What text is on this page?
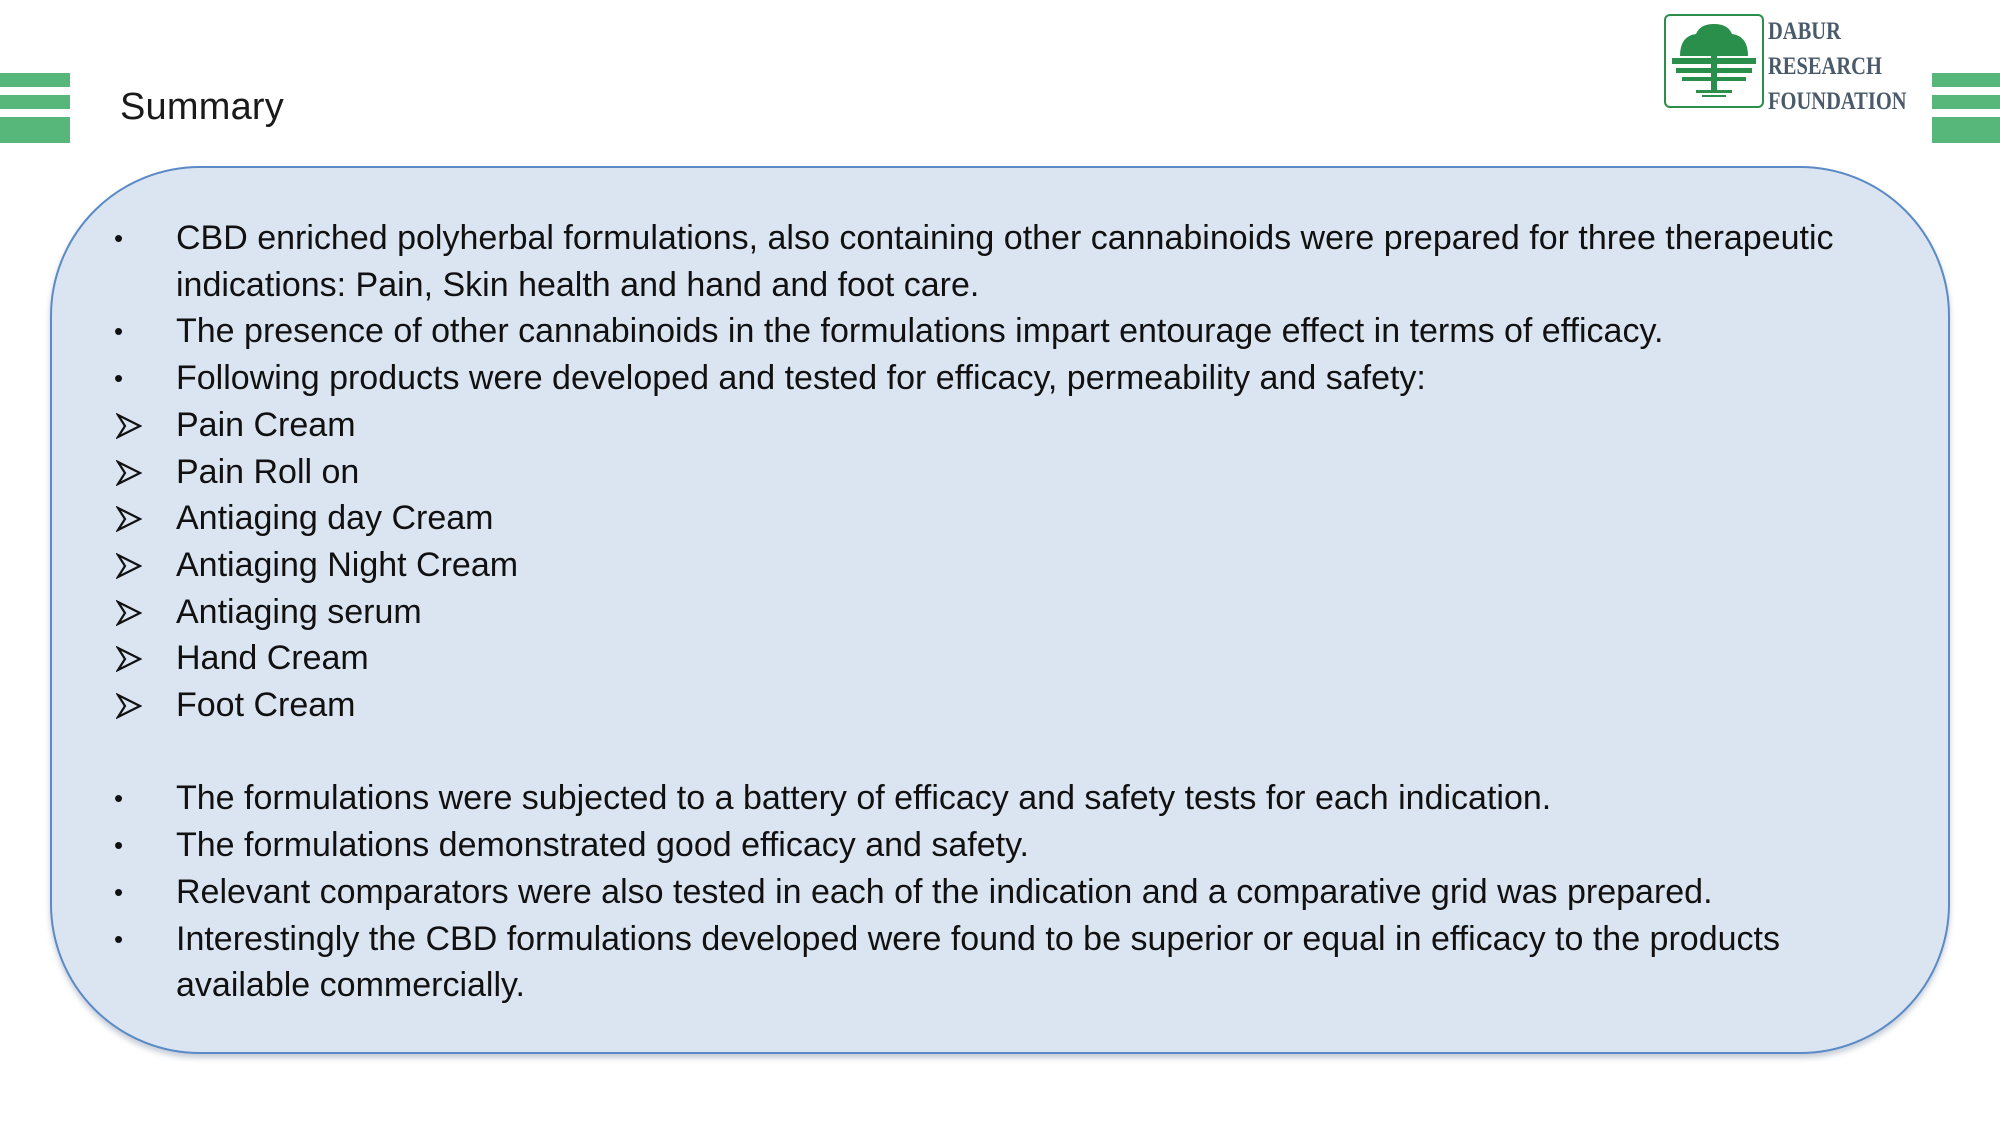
Summary
DABUR
RESEARCH
FOUNDATION
•	CBD enriched polyherbal formulations, also containing other cannabinoids were prepared for three therapeutic indications: Pain, Skin health and hand and foot care.
•	The presence of other cannabinoids in the formulations impart entourage effect in terms of efficacy.
•	Following products were developed and tested for efficacy, permeability and safety:
Pain Cream
Pain Roll on
Antiaging day Cream
Antiaging Night Cream
Antiaging serum
Hand Cream
Foot Cream
•	The formulations were subjected to a battery of efficacy and safety tests for each indication.
•	The formulations demonstrated good efficacy and safety.
•	Relevant comparators were also tested in each of the indication and a comparative grid was prepared.
•	Interestingly the CBD formulations developed were found to be superior or equal in efficacy to the products available commercially.
